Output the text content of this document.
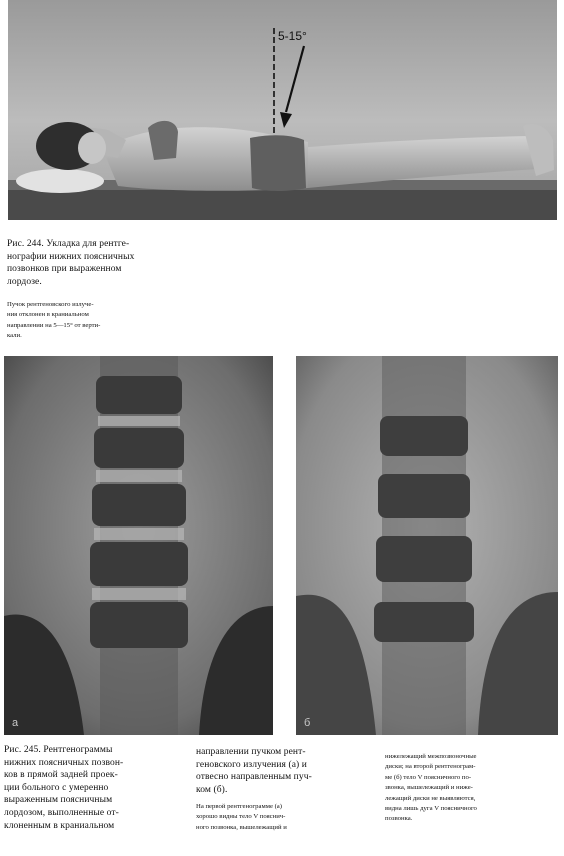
5-15°
Рис. 244. Укладка для рентге-
нографии нижних поясничных
позвонков при выраженном
лордозе.
Пучок рентгеновского излуче-
ния отклонен в краниальном
направлении на 5—15° от верти-
кали.
а	б
Рис. 245. Рентгенограммы
нижних поясничных позвон-
ков в прямой задней проек-
ции больного с умеренно
выраженным поясничным
лордозом, выполненные от-
клоненным в краниальном
направлении пучком рент-
геновского излучения (а) и
отвесно направленным пуч-
ком (б).
На первой рентгенограмме (а)
хорошо видны тело V пояснич-
ного позвонка, вышележащий и
нижележащий межпозвоночные
диски; на второй рентгенограм-
ме (б) тело V поясничного по-
звонка, вышележащий и ниже-
лежащий диски не выявляются,
видна лишь дуга V поясничного
позвонка.
